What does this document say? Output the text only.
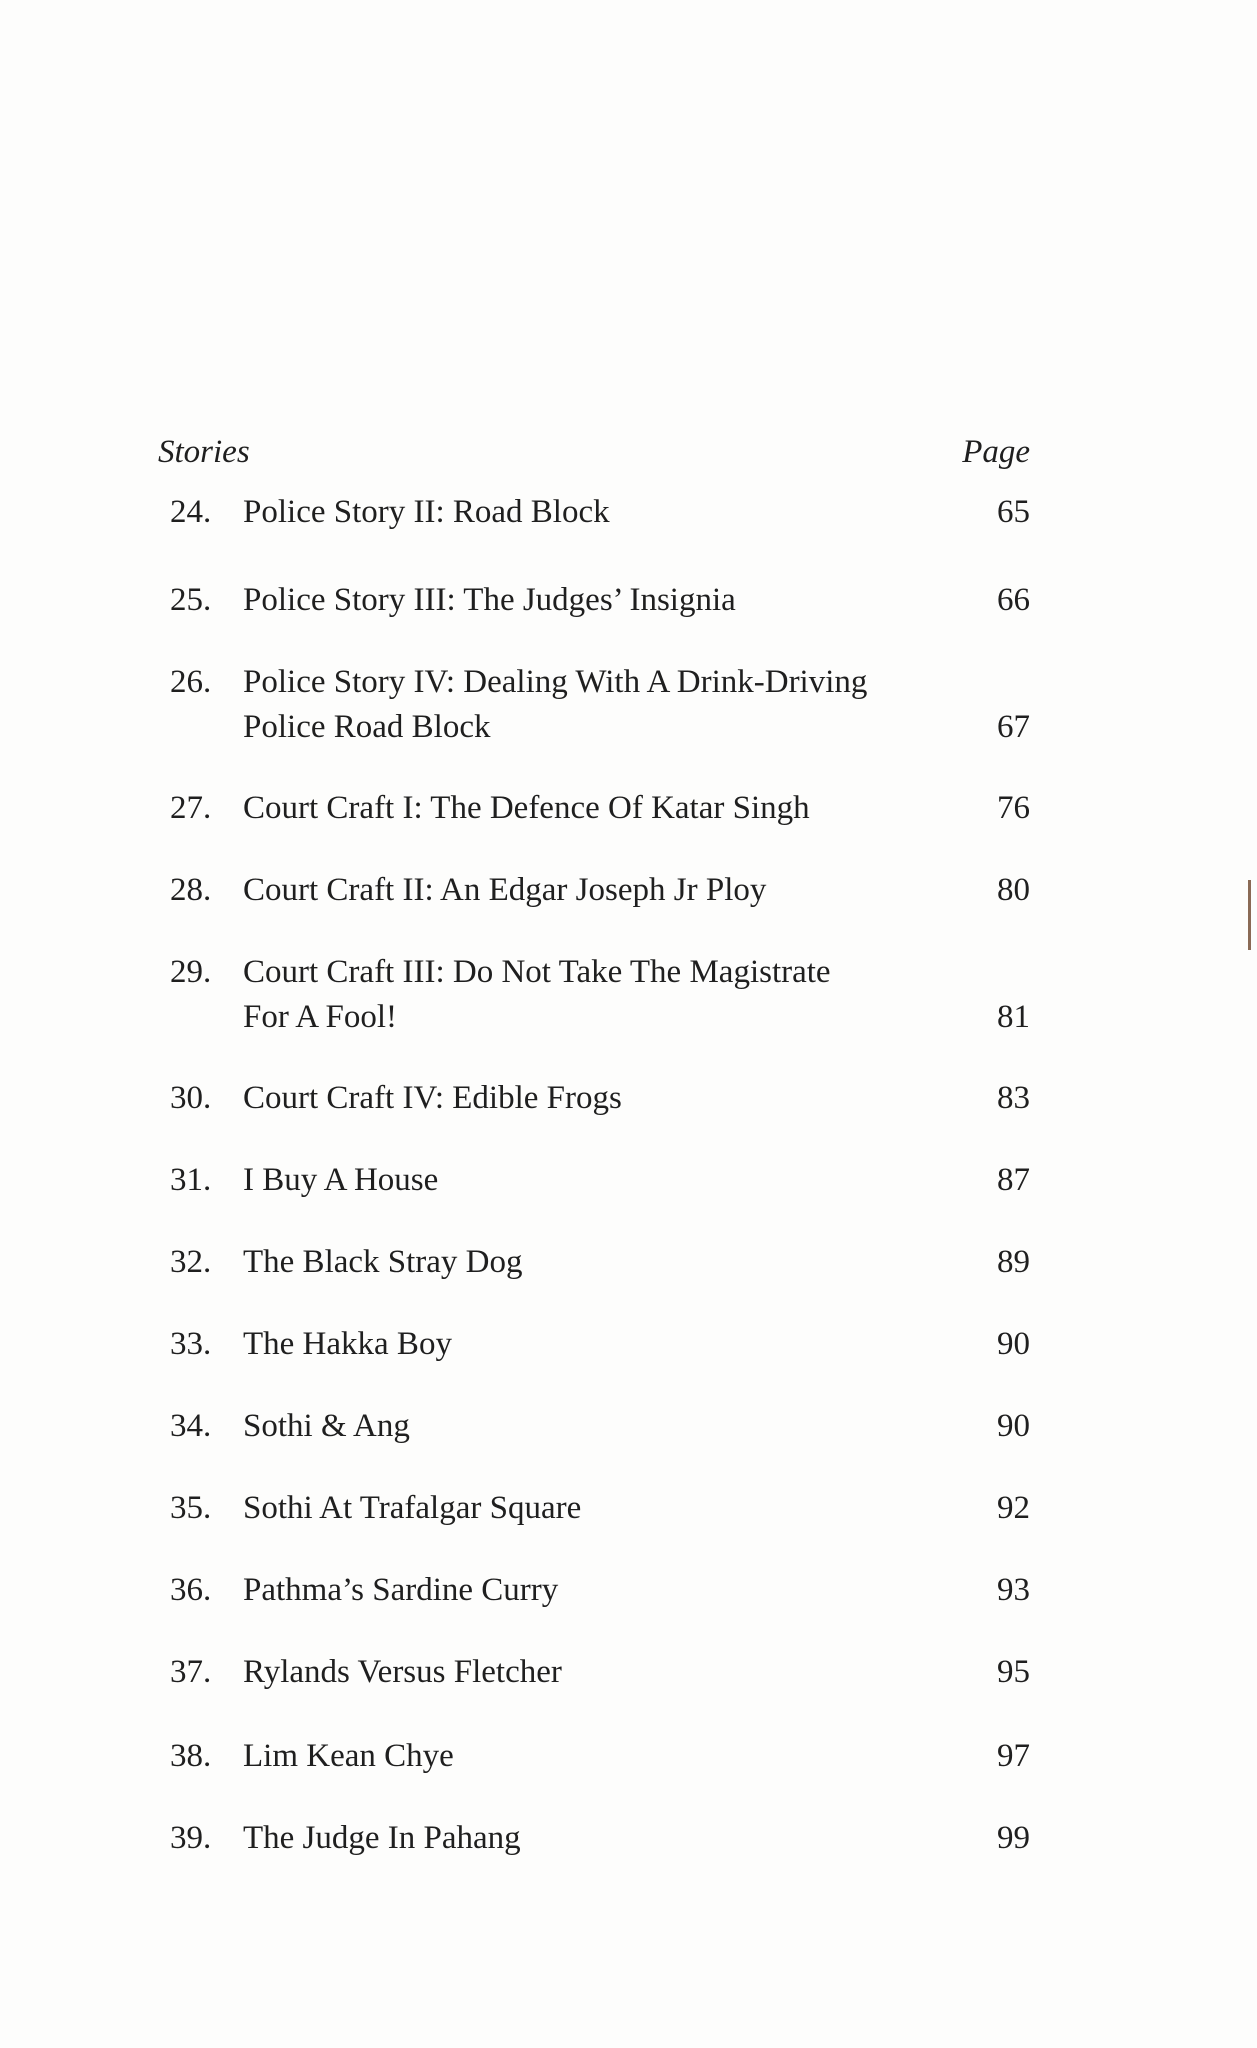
Stories	Page
24. Police Story II: Road Block	65
25. Police Story III: The Judges’ Insignia	66
26. Police Story IV: Dealing With A Drink-Driving
Police Road Block	67
27. Court Craft I: The Defence Of Katar Singh	76
28. Court Craft II: An Edgar Joseph Jr Ploy	80
29. Court Craft III: Do Not Take The Magistrate
For A Fool!	81
30. Court Craft IV: Edible Frogs	83
31. I Buy A House	87
32. The Black Stray Dog	89
33. The Hakka Boy	90
34. Sothi & Ang	90
35. Sothi At Trafalgar Square	92
36. Pathma’s Sardine Curry	93
37. Rylands Versus Fletcher	95
38. Lim Kean Chye	97
39. The Judge In Pahang	99
